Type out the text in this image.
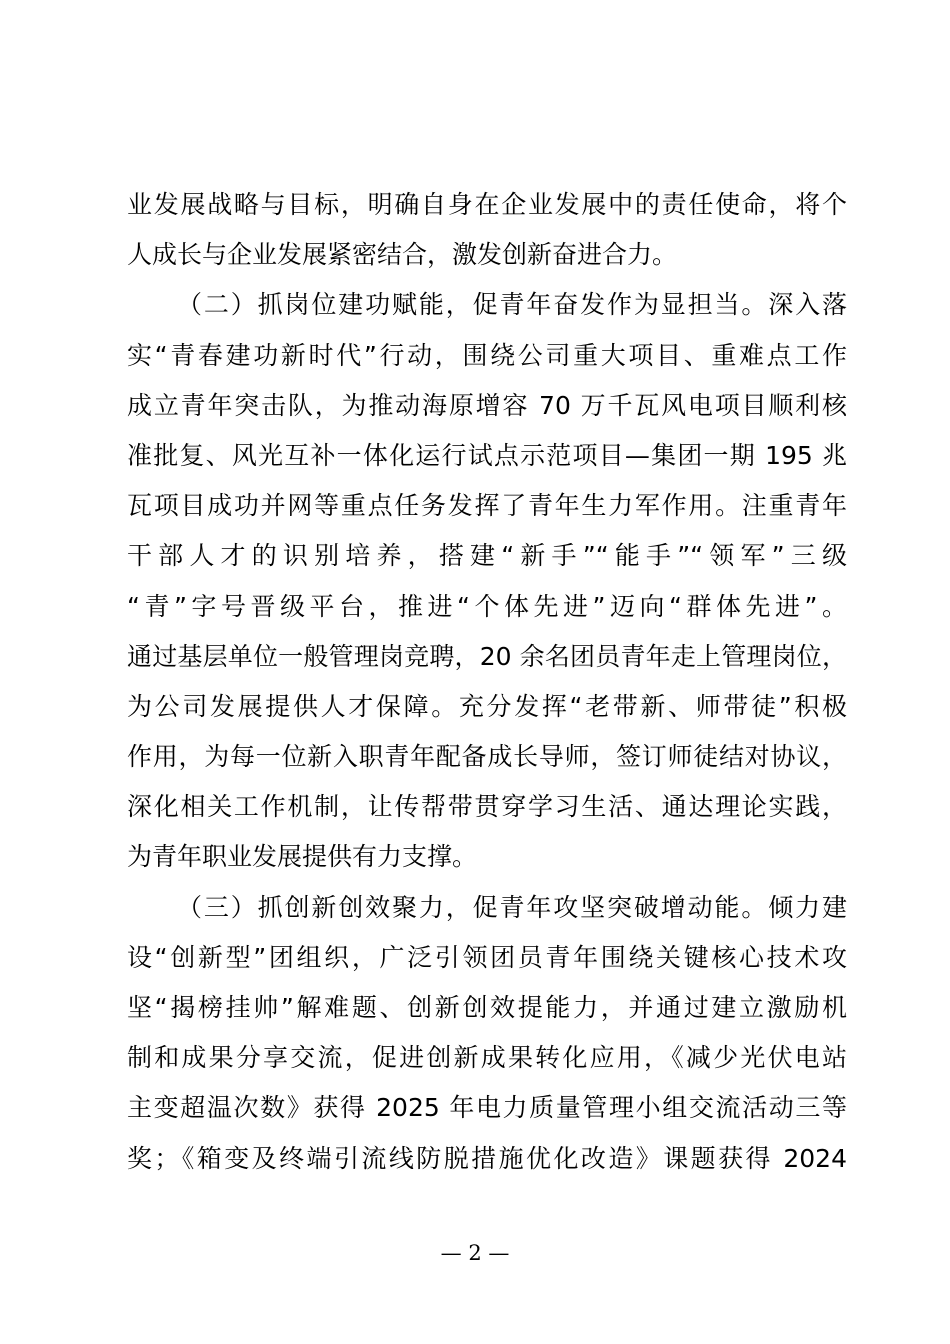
业发展战略与目标，明确自身在企业发展中的责任使命，将个
人成长与企业发展紧密结合，激发创新奋进合力。
（二）抓岗位建功赋能，促青年奋发作为显担当。深入落
实“青春建功新时代”行动，围绕公司重大项目、重难点工作
成立青年突击队，为推动海原增容 70 万千瓦风电项目顺利核
准批复、风光互补一体化运行试点示范项目—集团一期 195 兆
瓦项目成功并网等重点任务发挥了青年生力军作用。注重青年
干部人才的识别培养，搭建“新手”“能手”“领军”三级
“青”字号晋级平台，推进“个体先进”迈向“群体先进”。
通过基层单位一般管理岗竞聘，20 余名团员青年走上管理岗位，
为公司发展提供人才保障。充分发挥“老带新、师带徒”积极
作用，为每一位新入职青年配备成长导师，签订师徒结对协议，
深化相关工作机制，让传帮带贯穿学习生活、通达理论实践，
为青年职业发展提供有力支撑。
（三）抓创新创效聚力，促青年攻坚突破增动能。倾力建
设“创新型”团组织，广泛引领团员青年围绕关键核心技术攻
坚“揭榜挂帅”解难题、创新创效提能力，并通过建立激励机
制和成果分享交流，促进创新成果转化应用，《减少光伏电站
主变超温次数》获得 2025 年电力质量管理小组交流活动三等
奖；《箱变及终端引流线防脱措施优化改造》课题获得 2024
— 2 —
